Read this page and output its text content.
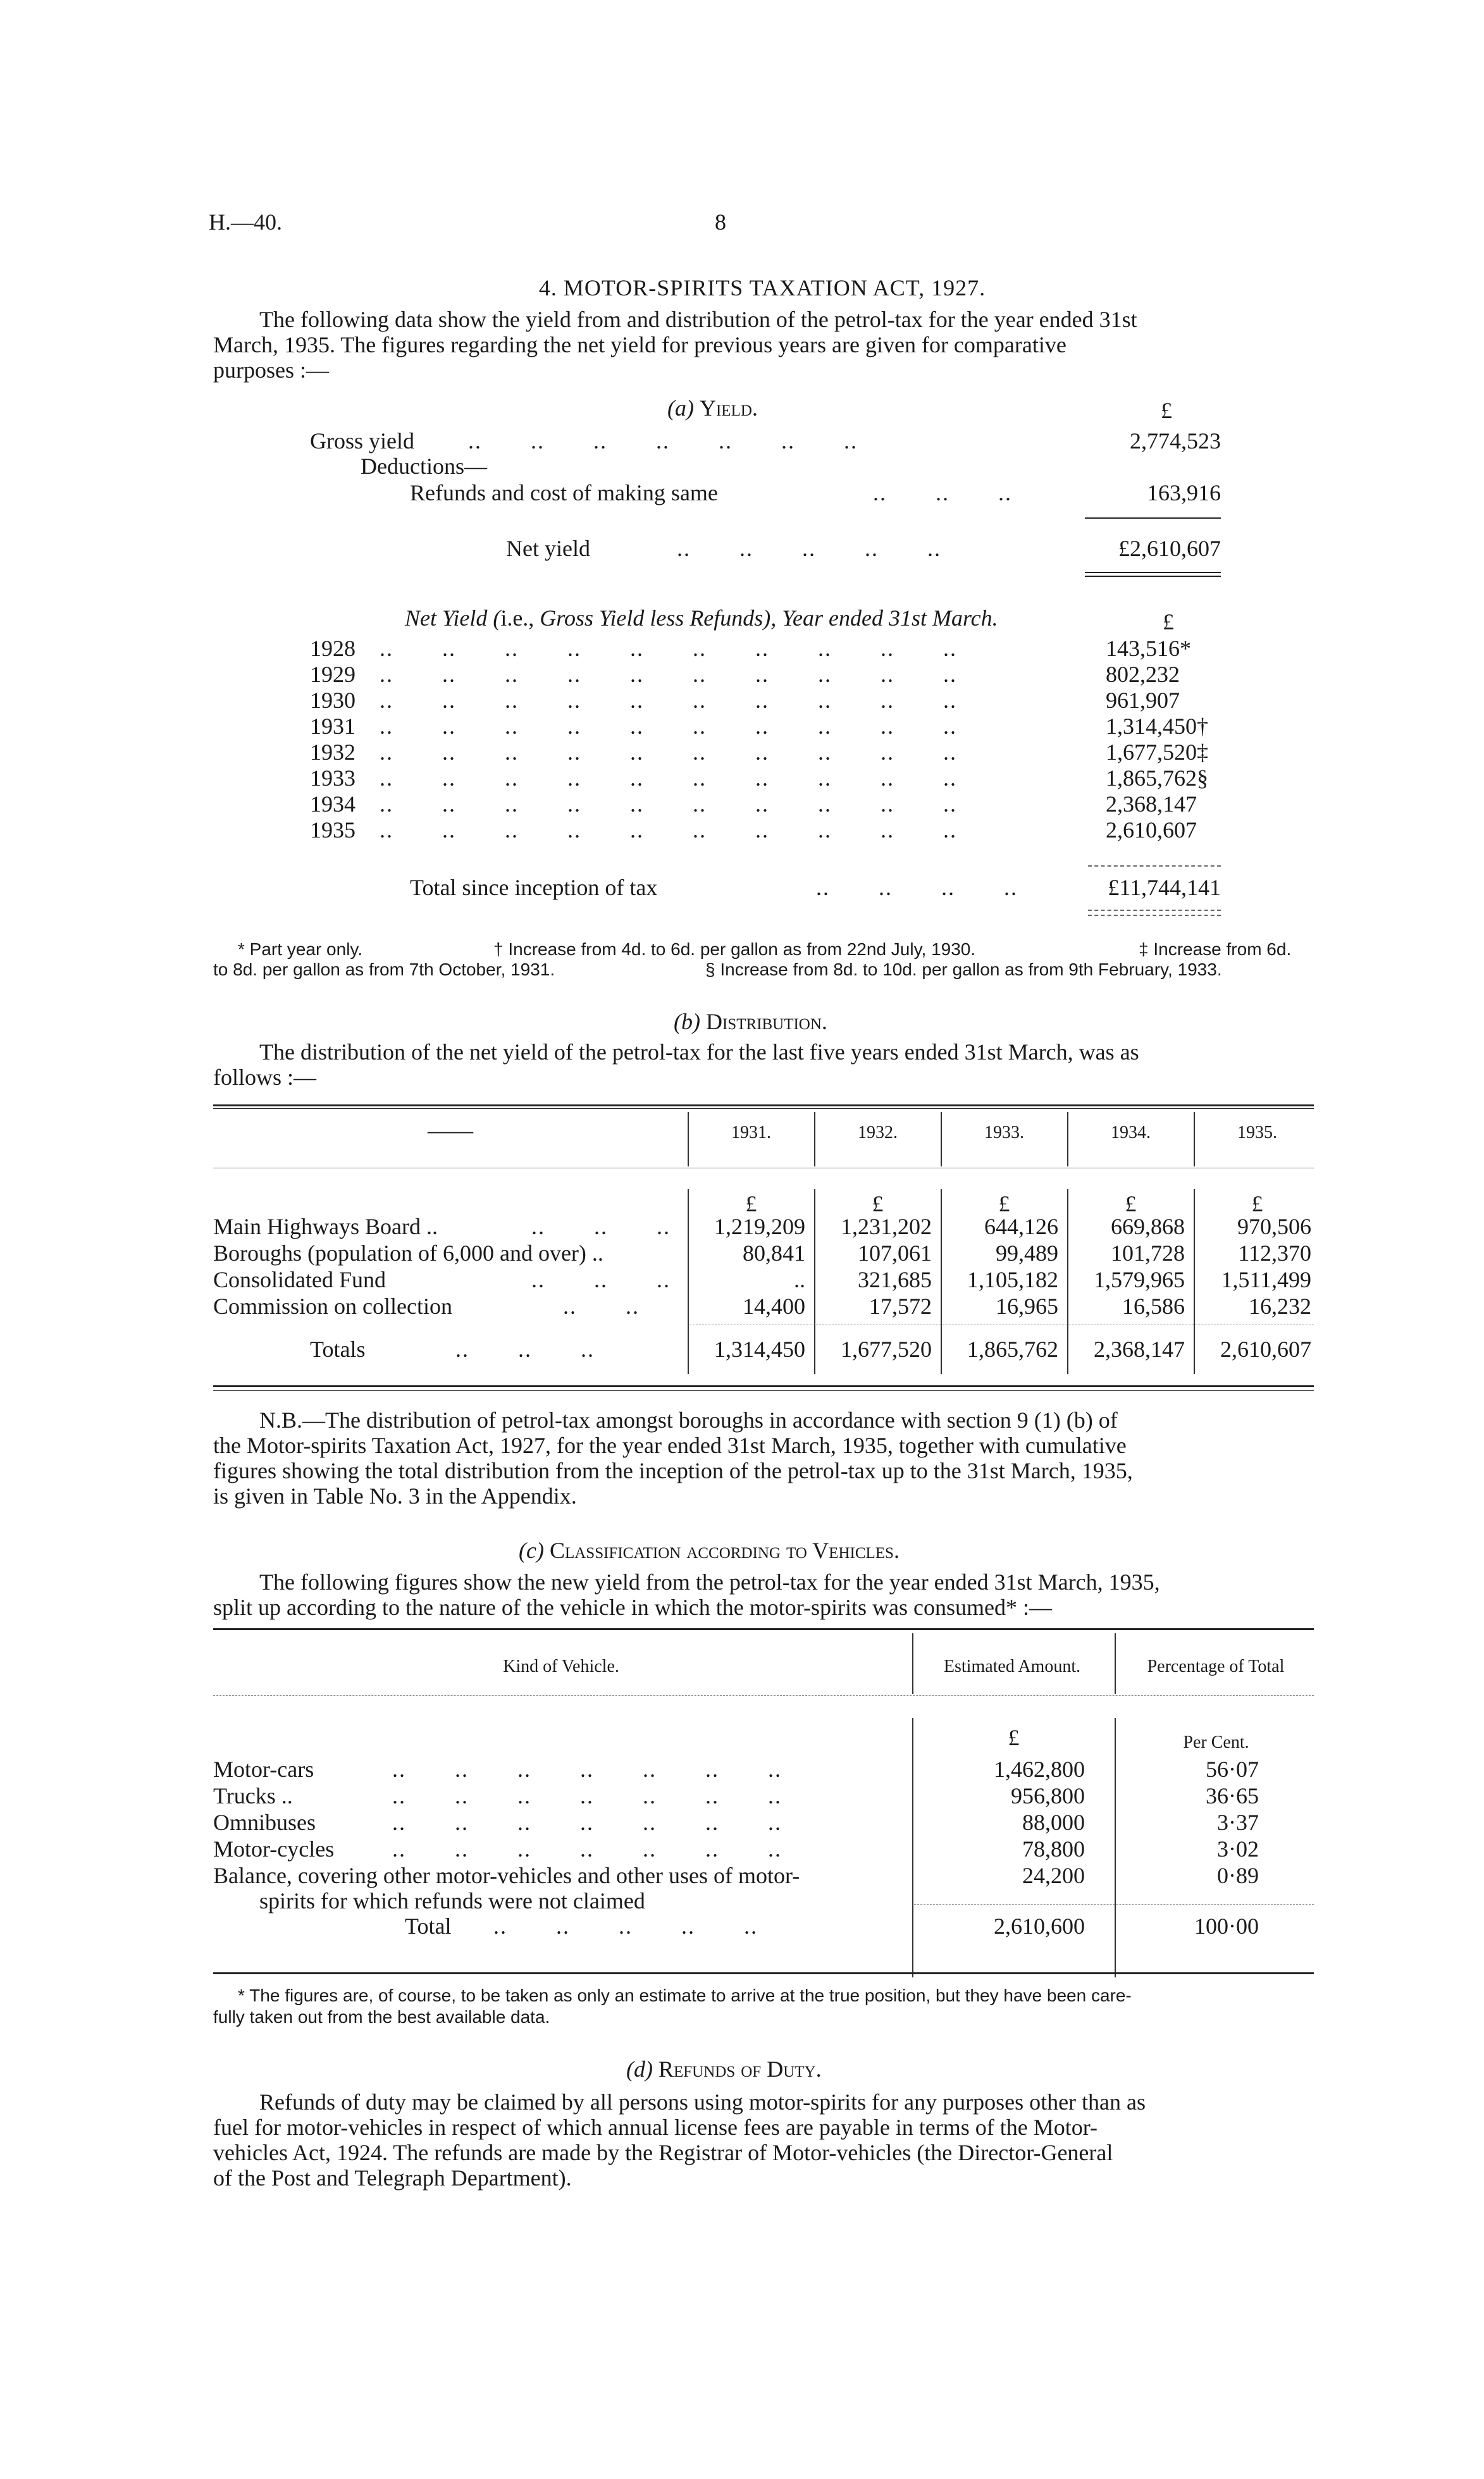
H.—40.	8
4. MOTOR-SPIRITS TAXATION ACT, 1927.
The following data show the yield from and distribution of the petrol-tax for the year ended 31st
March, 1935. The figures regarding the net yield for previous years are given for comparative
purposes :—
(a) Yield.	£
Gross yield ..       ..       ..       ..       ..       ..       ..	2,774,523
Deductions—
Refunds and cost of making same	..       ..       ..	163,916
Net yield	..       ..       ..       ..       ..	£2,610,607
Net Yield (i.e., Gross Yield less Refunds), Year ended 31st March.	£
1928 ..       ..       ..       ..       ..       ..       ..       ..       ..       ..	143,516*
1929 ..       ..       ..       ..       ..       ..       ..       ..       ..       ..	802,232
1930 ..       ..       ..       ..       ..       ..       ..       ..       ..       ..	961,907
1931 ..       ..       ..       ..       ..       ..       ..       ..       ..       ..	1,314,450†
1932 ..       ..       ..       ..       ..       ..       ..       ..       ..       ..	1,677,520‡
1933 ..       ..       ..       ..       ..       ..       ..       ..       ..       ..	1,865,762§
1934 ..       ..       ..       ..       ..       ..       ..       ..       ..       ..	2,368,147
1935 ..       ..       ..       ..       ..       ..       ..       ..       ..       ..	2,610,607
Total since inception of tax	..       ..       ..       ..	£11,744,141
* Part year only.	† Increase from 4d. to 6d. per gallon as from 22nd July, 1930.	‡ Increase from 6d.
to 8d. per gallon as from 7th October, 1931.	§ Increase from 8d. to 10d. per gallon as from 9th February, 1933.
(b) Distribution.
The distribution of the net yield of the petrol-tax for the last five years ended 31st March, was as
follows :—
——	1931.	1932.	1933.	1934.	1935.
£	£	£	£	£
Main Highways Board ..	..       ..       ..	1,219,209	1,231,202	644,126	669,868	970,506
Boroughs (population of 6,000 and over) ..	80,841	107,061	99,489	101,728	112,370
Consolidated Fund	..       ..       ..	..	321,685	1,105,182	1,579,965	1,511,499
Commission on collection	..       ..	14,400	17,572	16,965	16,586	16,232
Totals	..       ..       ..	1,314,450	1,677,520	1,865,762	2,368,147	2,610,607
N.B.—The distribution of petrol-tax amongst boroughs in accordance with section 9 (1) (b) of
the Motor-spirits Taxation Act, 1927, for the year ended 31st March, 1935, together with cumulative
figures showing the total distribution from the inception of the petrol-tax up to the 31st March, 1935,
is given in Table No. 3 in the Appendix.
(c) Classification according to Vehicles.
The following figures show the new yield from the petrol-tax for the year ended 31st March, 1935,
split up according to the nature of the vehicle in which the motor-spirits was consumed* :—
Kind of Vehicle.	Estimated Amount.	Percentage of Total
£	Per Cent.
Motor-cars	..       ..       ..       ..       ..       ..       ..	1,462,800	56·07
Trucks ..	..       ..       ..       ..       ..       ..       ..	956,800	36·65
Omnibuses	..       ..       ..       ..       ..       ..       ..	88,000	3·37
Motor-cycles	..       ..       ..       ..       ..       ..       ..	78,800	3·02
Balance, covering other motor-vehicles and other uses of motor-
spirits for which refunds were not claimed
24,200	0·89
Total ..       ..       ..       ..       ..	2,610,600	100·00
* The figures are, of course, to be taken as only an estimate to arrive at the true position, but they have been care-
fully taken out from the best available data.
(d) Refunds of Duty.
Refunds of duty may be claimed by all persons using motor-spirits for any purposes other than as
fuel for motor-vehicles in respect of which annual license fees are payable in terms of the Motor-
vehicles Act, 1924. The refunds are made by the Registrar of Motor-vehicles (the Director-General
of the Post and Telegraph Department).
